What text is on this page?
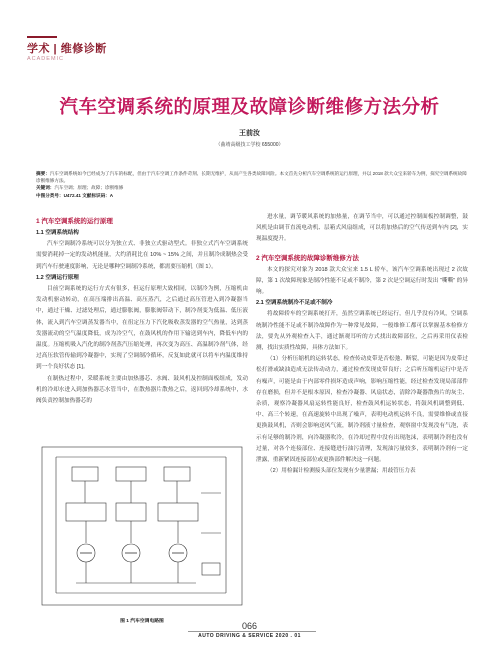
学术 | 维修诊断
ACADEMIC
汽车空调系统的原理及故障诊断维修方法分析
王前汝
（曲靖高级技工学校 655000）
摘要：汽车空调系统如今已经成为了汽车的标配，但由于汽车空调工作条件苛刻、长期无维护，从而产生各类故障风险。本文首先分析汽车空调系统的运行原理，并以 2018 款大众宝来轿车为例，探究空调系统故障诊断维修方法。
关键词：汽车空调；原理；故障；诊断维修
中图分类号：U472.41 文献标识码：A

1 汽车空调系统的运行原理

1.1 空调系统结构

汽车空调制冷系统可以分为独立式、非独立式驱动型式。非独立式汽车空调系统需要消耗掉一定的发动机能量，大约消耗比在 10% ~ 15% 之间，并且制冷成制热会受到汽车行驶速度影响，无论是哪种空调制冷系统，都需要压缩机（图 1）。

1.2 空调运行原理

目前空调系统的运行方式有很多，但运行原理大致相同，以制冷为例，压缩机由发动机驱动转动，在高压端排出高温、高压蒸汽，之后通过高压管进入到冷凝器当中，通过干燥、过滤处理后，通过膨胀阀，膨胀阀带动下，制冷剂变为低温、低压液体，流入到汽车空调蒸发器当中，在徂定压力下汽化吸收蒸发器的空气热量，达到蒸发器流动的空气温度降低，成为冷空气，在鼓风机的作用下输送到车内，降低车内的温度。压缩机吸入汽化的制冷剂蒸汽压缩处理，再次变为高压、高温制冷剂气体，经过高压软管传输到冷凝器中，实现了空调制冷循环，反复如此就可以将车内温度维持到一个良好状态 [1]。

在制热过程中，采暖系统主要由加热器芯、水阀、鼓风机及控制面板组成，发动机的冷却水进入到加热器芯水管当中，在散热器片散热之后，返回到冷却系统中，水阀负责控制加热器芯的

图 1 汽车空调电路图

进水量，调节暖风系统的加热量，在调节当中，可以通过控制面板控制调整，鼓风机是由调节直流电动机、层箱式风扇组成，可以将加热后的空气传送到车内 [2]，实现温度提升。

2 汽车空调系统的故障诊断维修方法

本文的探究对象为 2018 款大众宝来 1.5 L 轿车，该汽车空调系统出现过 2 次故障，第 1 次故障现象是制冷性能不足或不制冷，第 2 次是空调运行时发出 “嘶嘶” 的异响。

2.1 空调系统制冷不足或不制冷

将故障轿车的空调系统打开，虽然空调系统已经运行，但几乎没有冷风，空调系统制冷性能不足或不制冷故障作为一种常见故障，一般维修工都可以掌握基本检修方法，要先从外观检查入手，通过渐观耳听的方式找出故障部位，之后再采用仪表检测，找出实质性故障，具体方法如下。

（1）分析压缩机的运转状态，检查传动皮带是否松弛、断裂，可能是因为皮带过松打滑或缺油造成无法传动动力，通过检查发现皮带良好；之后听压缩机运行中是否有噪声，可能是由于内部零件损坏造成声响，影响压缩性能，经过检查发现局部部件存在磨损，但并不是根本原因，检查冷凝器、风扇状态，清除冷凝器散热片的灰尘、杂质，观察冷凝器风扇运转性能良好，检查鼓风机运转状态，将鼓风机调整到低、中、高三个转速，在高速旋转中出现了噪声，表明电动机运转不良，需要维修或直接更换鼓风机，否则会影响送风气流，制冷剂液寸量检查，观察窗中发现没有气泡，表示有足够的制冷剂，向冷凝器吹冷，在冷却过程中没有出现泡沫，表明制冷剂也没有过量，对各个连接部位、连接缝进行油污清理，发现油污量较多，表明制冷剂有一定泄露，重新紧固连接部位或更换部件解决这一问题。

（2）用检漏计检测接头部位发现有少量泄漏；用歧管压力表

066
AUTO DRIVING & SERVICE 2020 . 01
